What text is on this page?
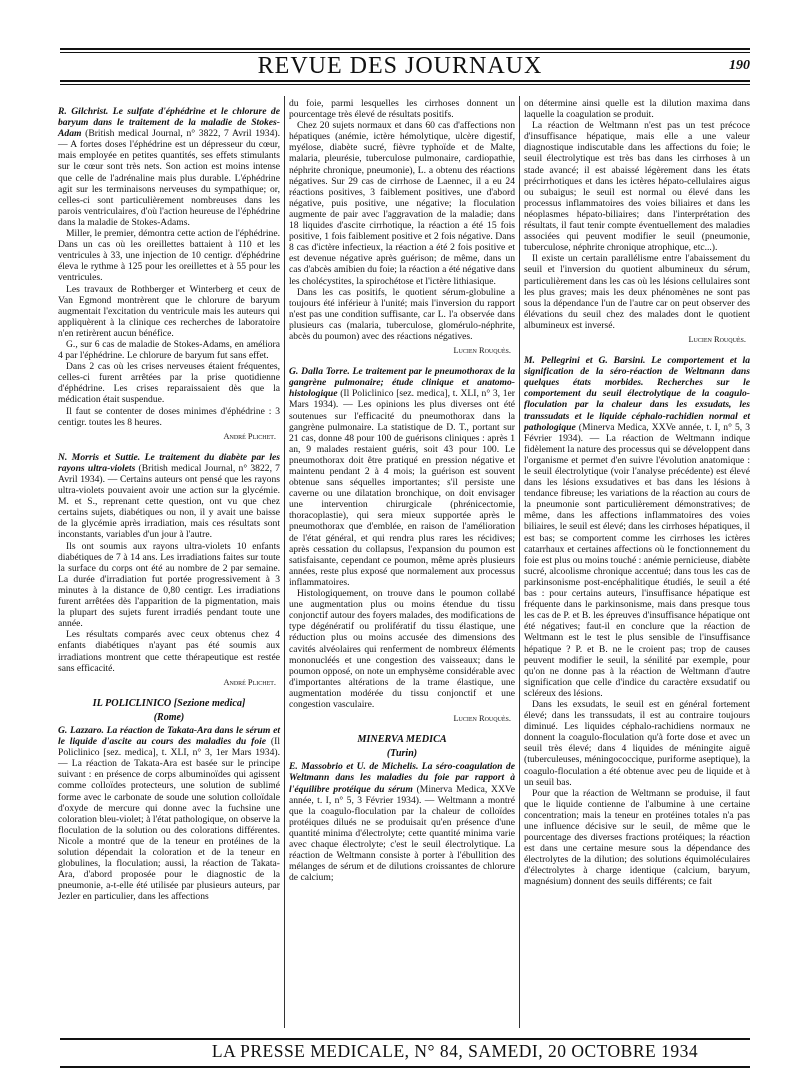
REVUE DES JOURNAUX	190

R. Gilchrist. Le sulfate d'éphédrine et le chlorure de baryum dans le traitement de la maladie de Stokes-Adam (British medical Journal, n° 3822, 7 Avril 1934). — A fortes doses l'éphédrine est un dépresseur du cœur, mais employée en petites quantités, ses effets stimulants sur le cœur sont très nets. Son action est moins intense que celle de l'adrénaline mais plus durable. L'éphédrine agit sur les terminaisons nerveuses du sympathique; or, celles-ci sont particulièrement nombreuses dans les parois ventriculaires, d'où l'action heureuse de l'éphédrine dans la maladie de Stokes-Adams.

Miller, le premier, démontra cette action de l'éphédrine. Dans un cas où les oreillettes battaient à 110 et les ventricules à 33, une injection de 10 centigr. d'éphédrine éleva le rythme à 125 pour les oreillettes et à 55 pour les ventricules.

Les travaux de Rothberger et Winterberg et ceux de Van Egmond montrèrent que le chlorure de baryum augmentait l'excitation du ventricule mais les auteurs qui appliquèrent à la clinique ces recherches de laboratoire n'en retirèrent aucun bénéfice.

G., sur 6 cas de maladie de Stokes-Adams, en améliora 4 par l'éphédrine. Le chlorure de baryum fut sans effet.

Dans 2 cas où les crises nerveuses étaient fréquentes, celles-ci furent arrêtées par la prise quotidienne d'éphédrine. Les crises reparaissaient dès que la médication était suspendue.

Il faut se contenter de doses minimes d'éphédrine : 3 centigr. toutes les 8 heures.

André Plichet.

N. Morris et Suttie. Le traitement du diabète par les rayons ultra-violets (British medical Journal, n° 3822, 7 Avril 1934). — Certains auteurs ont pensé que les rayons ultra-violets pouvaient avoir une action sur la glycémie. M. et S., reprenant cette question, ont vu que chez certains sujets, diabétiques ou non, il y avait une baisse de la glycémie après irradiation, mais ces résultats sont inconstants, variables d'un jour à l'autre.

Ils ont soumis aux rayons ultra-violets 10 enfants diabétiques de 7 à 14 ans. Les irradiations faites sur toute la surface du corps ont été au nombre de 2 par semaine. La durée d'irradiation fut portée progressivement à 3 minutes à la distance de 0,80 centigr. Les irradiations furent arrêtées dès l'apparition de la pigmentation, mais la plupart des sujets furent irradiés pendant toute une année.

Les résultats comparés avec ceux obtenus chez 4 enfants diabétiques n'ayant pas été soumis aux irradiations montrent que cette thérapeutique est restée sans efficacité.

André Plichet.

IL POLICLINICO [Sezione medica]

(Rome)

G. Lazzaro. La réaction de Takata-Ara dans le sérum et le liquide d'ascite au cours des maladies du foie (Il Policlinico [sez. medica], t. XLI, n° 3, 1er Mars 1934). — La réaction de Takata-Ara est basée sur le principe suivant : en présence de corps albuminoïdes qui agissent comme colloïdes protecteurs, une solution de sublimé forme avec le carbonate de soude une solution colloïdale d'oxyde de mercure qui donne avec la fuchsine une coloration bleu-violet; à l'état pathologique, on observe la floculation de la solution ou des colorations différentes. Nicole a montré que de la teneur en protéines de la solution dépendait la coloration et de la teneur en globulines, la floculation; aussi, la réaction de Takata-Ara, d'abord proposée pour le diagnostic de la pneumonie, a-t-elle été utilisée par plusieurs auteurs, par Jezler en particulier, dans les affections

du foie, parmi lesquelles les cirrhoses donnent un pourcentage très élevé de résultats positifs.

Chez 20 sujets normaux et dans 60 cas d'affections non hépatiques (anémie, ictère hémolytique, ulcère digestif, myélose, diabète sucré, fièvre typhoïde et de Malte, malaria, pleurésie, tuberculose pulmonaire, cardiopathie, néphrite chronique, pneumonie), L. a obtenu des réactions négatives. Sur 29 cas de cirrhose de Laennec, il a eu 24 réactions positives, 3 faiblement positives, une d'abord négative, puis positive, une négative; la floculation augmente de pair avec l'aggravation de la maladie; dans 18 liquides d'ascite cirrhotique, la réaction a été 15 fois positive, 1 fois faiblement positive et 2 fois négative. Dans 8 cas d'ictère infectieux, la réaction a été 2 fois positive et est devenue négative après guérison; de même, dans un cas d'abcès amibien du foie; la réaction a été négative dans les cholécystites, la spirochétose et l'ictère lithiasique.

Dans les cas positifs, le quotient sérum-globuline a toujours été inférieur à l'unité; mais l'inversion du rapport n'est pas une condition suffisante, car L. l'a observée dans plusieurs cas (malaria, tuberculose, glomérulo-néphrite, abcès du poumon) avec des réactions négatives.

Lucien Rouquès.

G. Dalla Torre. Le traitement par le pneumothorax de la gangrène pulmonaire; étude clinique et anatomo-histologique (Il Policlinico [sez. medica], t. XLI, n° 3, 1er Mars 1934). — Les opinions les plus diverses ont été soutenues sur l'efficacité du pneumothorax dans la gangrène pulmonaire. La statistique de D. T., portant sur 21 cas, donne 48 pour 100 de guérisons cliniques : après 1 an, 9 malades restaient guéris, soit 43 pour 100. Le pneumothorax doit être pratiqué en pression négative et maintenu pendant 2 à 4 mois; la guérison est souvent obtenue sans séquelles importantes; s'il persiste une caverne ou une dilatation bronchique, on doit envisager une intervention chirurgicale (phrénicectomie, thoracoplastie), qui sera mieux supportée après le pneumothorax que d'emblée, en raison de l'amélioration de l'état général, et qui rendra plus rares les récidives; après cessation du collapsus, l'expansion du poumon est satisfaisante, cependant ce poumon, même après plusieurs années, reste plus exposé que normalement aux processus inflammatoires.

Histologiquement, on trouve dans le poumon collabé une augmentation plus ou moins étendue du tissu conjonctif autour des foyers malades, des modifications de type dégénératif ou prolifératif du tissu élastique, une réduction plus ou moins accusée des dimensions des cavités alvéolaires qui renferment de nombreux éléments mononucléés et une congestion des vaisseaux; dans le poumon opposé, on note un emphysème considérable avec d'importantes altérations de la trame élastique, une augmentation modérée du tissu conjonctif et une congestion vasculaire.

Lucien Rouquès.

MINERVA MEDICA

(Turin)

E. Massobrio et U. de Michelis. La séro-coagulation de Weltmann dans les maladies du foie par rapport à l'équilibre protéique du sérum (Minerva Medica, XXVe année, t. I, n° 5, 3 Février 1934). — Weltmann a montré que la coagulo-floculation par la chaleur de colloïdes protéiques dilués ne se produisait qu'en présence d'une quantité minima d'électrolyte; cette quantité minima varie avec chaque électrolyte; c'est le seuil électrolytique. La réaction de Weltmann consiste à porter à l'ébullition des mélanges de sérum et de dilutions croissantes de chlorure de calcium;

on détermine ainsi quelle est la dilution maxima dans laquelle la coagulation se produit.

La réaction de Weltmann n'est pas un test précoce d'insuffisance hépatique, mais elle a une valeur diagnostique indiscutable dans les affections du foie; le seuil électrolytique est très bas dans les cirrhoses à un stade avancé; il est abaissé légèrement dans les états précirrhotiques et dans les ictères hépato-cellulaires aigus ou subaigus; le seuil est normal ou élevé dans les processus inflammatoires des voies biliaires et dans les néoplasmes hépato-biliaires; dans l'interprétation des résultats, il faut tenir compte éventuellement des maladies associées qui peuvent modifier le seuil (pneumonie, tuberculose, néphrite chronique atrophique, etc...).

Il existe un certain parallélisme entre l'abaissement du seuil et l'inversion du quotient albumineux du sérum, particulièrement dans les cas où les lésions cellulaires sont les plus graves; mais les deux phénomènes ne sont pas sous la dépendance l'un de l'autre car on peut observer des élévations du seuil chez des malades dont le quotient albumineux est inversé.

Lucien Rouquès.

M. Pellegrini et G. Barsini. Le comportement et la signification de la séro-réaction de Weltmann dans quelques états morbides. Recherches sur le comportement du seuil électrolytique de la coagulo-floculation par la chaleur dans les exsudats, les transsudats et le liquide céphalo-rachidien normal et pathologique (Minerva Medica, XXVe année, t. I, n° 5, 3 Février 1934). — La réaction de Weltmann indique fidèlement la nature des processus qui se développent dans l'organisme et permet d'en suivre l'évolution anatomique : le seuil électrolytique (voir l'analyse précédente) est élevé dans les lésions exsudatives et bas dans les lésions à tendance fibreuse; les variations de la réaction au cours de la pneumonie sont particulièrement démonstratives; de même, dans les affections inflammatoires des voies biliaires, le seuil est élevé; dans les cirrhoses hépatiques, il est bas; se comportent comme les cirrhoses les ictères catarrhaux et certaines affections où le fonctionnement du foie est plus ou moins touché : anémie pernicieuse, diabète sucré, alcoolisme chronique accentué; dans tous les cas de parkinsonisme post-encéphalitique étudiés, le seuil a été bas : pour certains auteurs, l'insuffisance hépatique est fréquente dans le parkinsonisme, mais dans presque tous les cas de P. et B. les épreuves d'insuffisance hépatique ont été négatives; faut-il en conclure que la réaction de Weltmann est le test le plus sensible de l'insuffisance hépatique ? P. et B. ne le croient pas; trop de causes peuvent modifier le seuil, la sénilité par exemple, pour qu'on ne donne pas à la réaction de Weltmann d'autre signification que celle d'indice du caractère exsudatif ou scléreux des lésions.

Dans les exsudats, le seuil est en général fortement élevé; dans les transsudats, il est au contraire toujours diminué. Les liquides céphalo-rachidiens normaux ne donnent la coagulo-floculation qu'à forte dose et avec un seuil très élevé; dans 4 liquides de méningite aiguë (tuberculeuses, méningococcique, puriforme aseptique), la coagulo-floculation a été obtenue avec peu de liquide et à un seuil bas.

Pour que la réaction de Weltmann se produise, il faut que le liquide contienne de l'albumine à une certaine concentration; mais la teneur en protéines totales n'a pas une influence décisive sur le seuil, de même que le pourcentage des diverses fractions protéiques; la réaction est dans une certaine mesure sous la dépendance des électrolytes de la dilution; des solutions équimoléculaires d'électrolytes à charge identique (calcium, baryum, magnésium) donnent des seuils différents; ce fait

LA PRESSE MEDICALE, N° 84, SAMEDI, 20 OCTOBRE 1934
